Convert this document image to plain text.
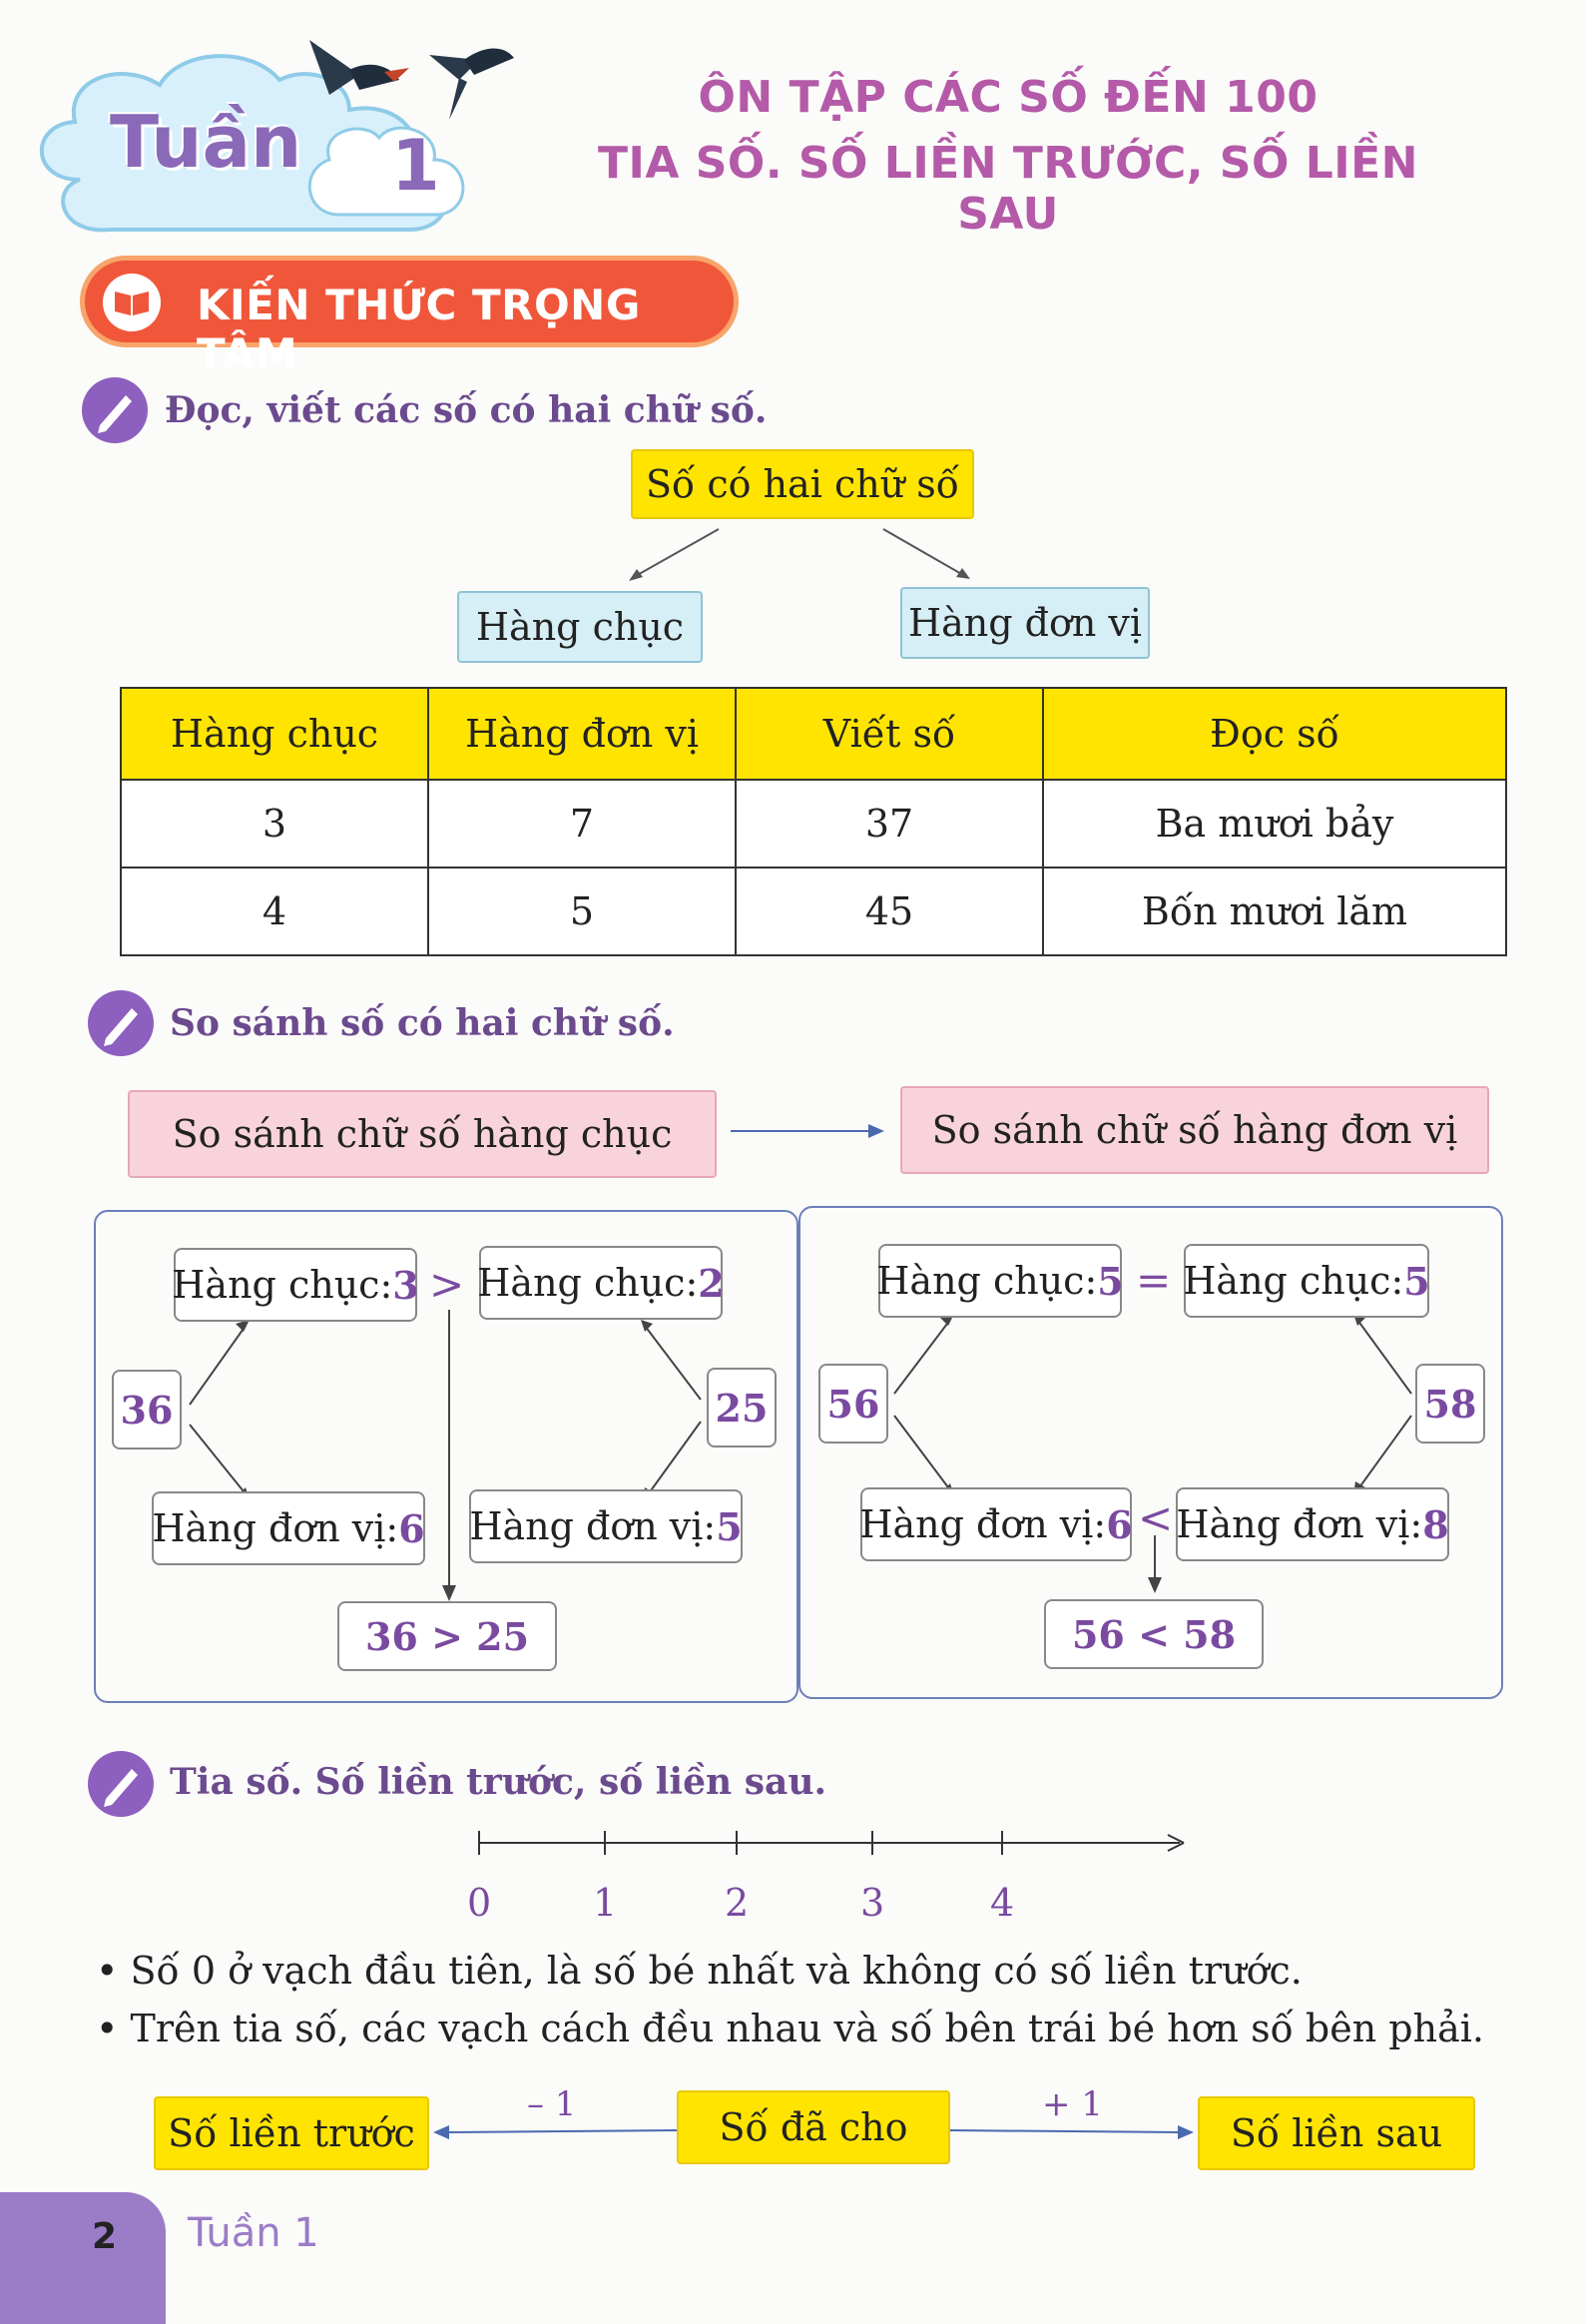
Tuần 1
ÔN TẬP CÁC SỐ ĐẾN 100
TIA SỐ. SỐ LIỀN TRƯỚC, SỐ LIỀN SAU
KIẾN THỨC TRỌNG TÂM
Đọc, viết các số có hai chữ số.
Số có hai chữ số
Hàng chục	Hàng đơn vị
Hàng chục	Hàng đơn vị	Viết số	Đọc số
3	7	37	Ba mươi bảy
4	5	45	Bốn mươi lăm
So sánh số có hai chữ số.
So sánh chữ số hàng chục	So sánh chữ số hàng đơn vị
36	25
Hàng chục: 3 > Hàng chục: 2
Hàng đơn vị: 6 Hàng đơn vị: 5
36 > 25
56	58
Hàng chục: 5 = Hàng chục: 5
Hàng đơn vị: 6 < Hàng đơn vị: 8
56 < 58
Tia số. Số liền trước, số liền sau.
0	1	2	3	4
• Số 0 ở vạch đầu tiên, là số bé nhất và không có số liền trước.
• Trên tia số, các vạch cách đều nhau và số bên trái bé hơn số bên phải.
Số liền trước	Số đã cho	Số liền sau
– 1	+ 1
2 Tuần 1
